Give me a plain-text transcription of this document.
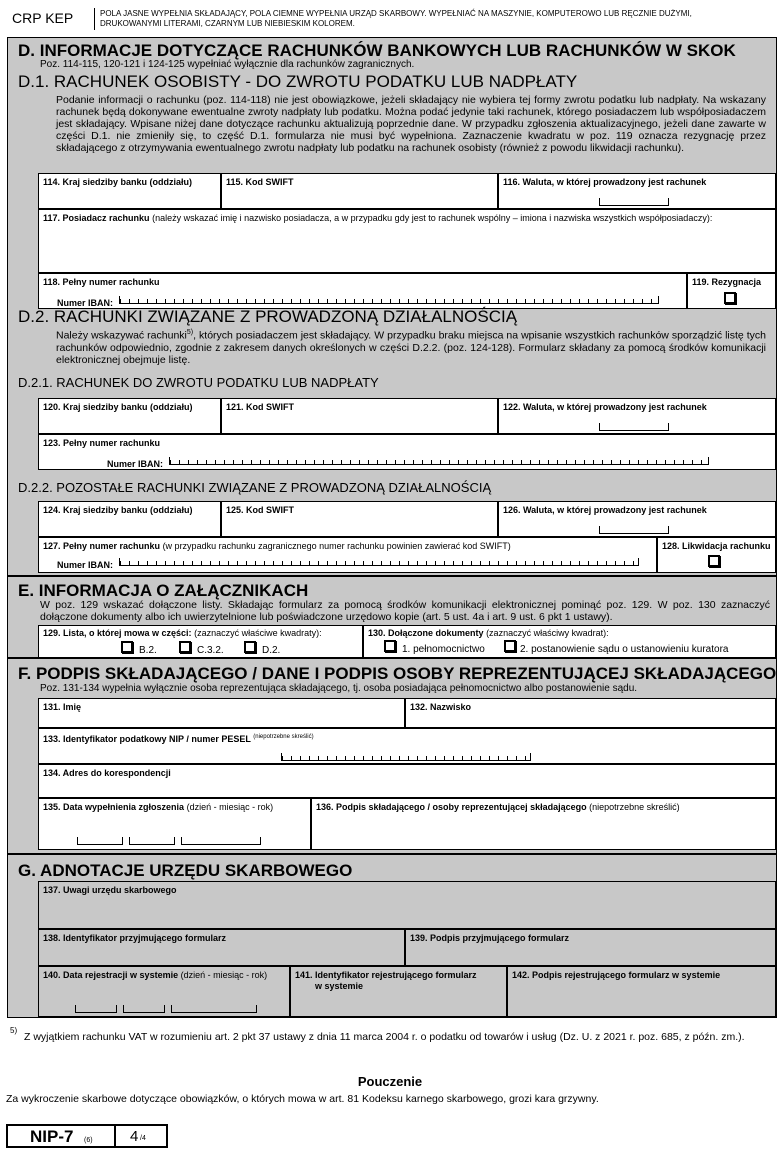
CRP KEP	POLA JASNE WYPEŁNIA SKŁADAJĄCY, POLA CIEMNE WYPEŁNIA URZĄD SKARBOWY. WYPEŁNIAĆ NA MASZYNIE, KOMPUTEROWO LUB RĘCZNIE DUŻYMI, DRUKOWANYMI LITERAMI, CZARNYM LUB NIEBIESKIM KOLOREM.
D. INFORMACJE DOTYCZĄCE RACHUNKÓW BANKOWYCH LUB RACHUNKÓW W SKOK
Poz. 114-115, 120-121 i 124-125 wypełniać wyłącznie dla rachunków zagranicznych.
D.1. RACHUNEK OSOBISTY - DO ZWROTU PODATKU LUB NADPŁATY
Podanie informacji o rachunku (poz. 114-118) nie jest obowiązkowe, jeżeli składający nie wybiera tej formy zwrotu podatku lub nadpłaty. Na wskazany rachunek będą dokonywane ewentualne zwroty nadpłaty lub podatku. Można podać jedynie taki rachunek, którego posiadaczem lub współposiadaczem jest składający. Wpisane niżej dane dotyczące rachunku aktualizują poprzednie dane. W przypadku zgłoszenia aktualizacyjnego, jeżeli dane zawarte w części D.1. nie zmieniły się, to część D.1. formularza nie musi być wypełniona. Zaznaczenie kwadratu w poz. 119 oznacza rezygnację przez składającego z otrzymywania ewentualnego zwrotu nadpłaty lub podatku na rachunek osobisty (również z powodu likwidacji rachunku).
114. Kraj siedziby banku (oddziału)	115. Kod SWIFT	116. Waluta, w której prowadzony jest rachunek
117. Posiadacz rachunku (należy wskazać imię i nazwisko posiadacza, a w przypadku gdy jest to rachunek wspólny – imiona i nazwiska wszystkich współposiadaczy):
118. Pełny numer rachunku
Numer IBAN:
119. Rezygnacja
D.2. RACHUNKI ZWIĄZANE Z PROWADZONĄ DZIAŁALNOŚCIĄ
Należy wskazywać rachunki$^{5)}$, których posiadaczem jest składający. W przypadku braku miejsca na wpisanie wszystkich rachunków sporządzić listę tych rachunków odpowiednio, zgodnie z zakresem danych określonych w części D.2.2. (poz. 124-128). Formularz składany za pomocą środków komunikacji elektronicznej obejmuje listę.
D.2.1. RACHUNEK DO ZWROTU PODATKU LUB NADPŁATY
120. Kraj siedziby banku (oddziału)	121. Kod SWIFT	122. Waluta, w której prowadzony jest rachunek
123. Pełny numer rachunku
Numer IBAN:
D.2.2. POZOSTAŁE RACHUNKI ZWIĄZANE Z PROWADZONĄ DZIAŁALNOŚCIĄ
124. Kraj siedziby banku (oddziału)	125. Kod SWIFT	126. Waluta, w której prowadzony jest rachunek
127. Pełny numer rachunku (w przypadku rachunku zagranicznego numer rachunku powinien zawierać kod SWIFT)
Numer IBAN:
128. Likwidacja rachunku
E. INFORMACJA O ZAŁĄCZNIKACH
W poz. 129 wskazać dołączone listy. Składając formularz za pomocą środków komunikacji elektronicznej pominąć poz. 129. W poz. 130 zaznaczyć dołączone dokumenty albo ich uwierzytelnione lub poświadczone urzędowo kopie (art. 5 ust. 4a i art. 9 ust. 6 pkt 1 ustawy).
129. Lista, o której mowa w części: (zaznaczyć właściwe kwadraty):
B.2.	C.3.2.	D.2.
130. Dołączone dokumenty (zaznaczyć właściwy kwadrat):
1. pełnomocnictwo	2. postanowienie sądu o ustanowieniu kuratora
F. PODPIS SKŁADAJĄCEGO / DANE I PODPIS OSOBY REPREZENTUJĄCEJ SKŁADAJĄCEGO
Poz. 131-134 wypełnia wyłącznie osoba reprezentująca składającego, tj. osoba posiadająca pełnomocnictwo albo postanowienie sądu.
131. Imię	132. Nazwisko
133. Identyfikator podatkowy NIP / numer PESEL $^{(niepotrzebne skreślić)}$
134. Adres do korespondencji
135. Data wypełnienia zgłoszenia (dzień - miesiąc - rok)	136. Podpis składającego / osoby reprezentującej składającego (niepotrzebne skreślić)
G. ADNOTACJE URZĘDU SKARBOWEGO
137. Uwagi urzędu skarbowego
138. Identyfikator przyjmującego formularz	139. Podpis przyjmującego formularz
140. Data rejestracji w systemie (dzień - miesiąc - rok)	141. Identyfikator rejestrującego formularz
w systemie
142. Podpis rejestrującego formularz w systemie
5)
Z wyjątkiem rachunku VAT w rozumieniu art. 2 pkt 37 ustawy z dnia 11 marca 2004 r. o podatku od towarów i usług (Dz. U. z 2021 r. poz. 685, z późn. zm.).
Pouczenie
Za wykroczenie skarbowe dotyczące obowiązków, o których mowa w art. 81 Kodeksu karnego skarbowego, grozi kara grzywny.
NIP-7 (6) 4 /4
